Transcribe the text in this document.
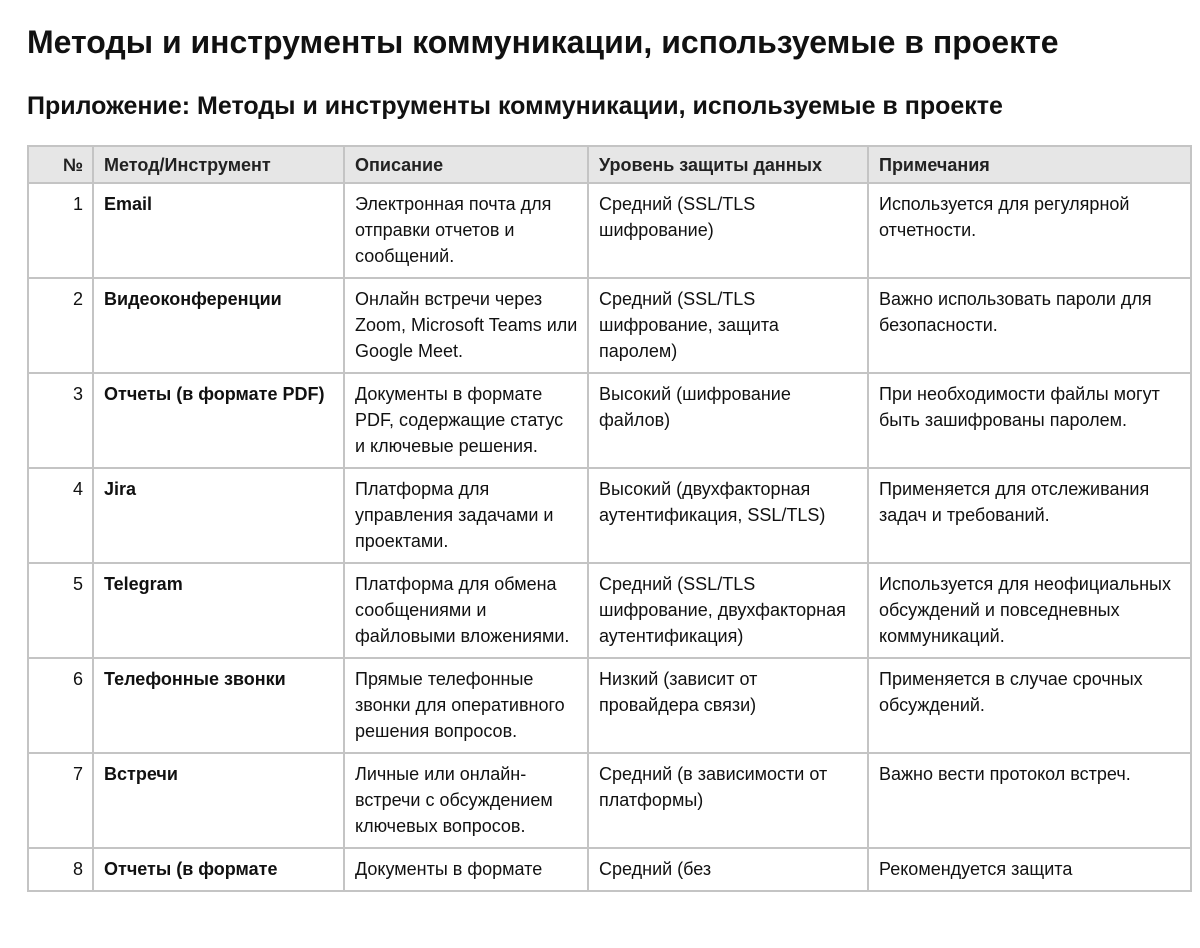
Методы и инструменты коммуникации, используемые в проекте
Приложение: Методы и инструменты коммуникации, используемые в проекте
№	Метод/Инструмент	Описание	Уровень защиты данных	Примечания
1	Email	Электронная почта для отправки отчетов и сообщений.	Средний (SSL/TLS шифрование)	Используется для регулярной отчетности.
2	Видеоконференции	Онлайн встречи через Zoom, Microsoft Teams или Google Meet.	Средний (SSL/TLS шифрование, защита паролем)	Важно использовать пароли для безопасности.
3	Отчеты (в формате PDF)	Документы в формате PDF, содержащие статус и ключевые решения.	Высокий (шифрование файлов)	При необходимости файлы могут быть зашифрованы паролем.
4	Jira	Платформа для управления задачами и проектами.	Высокий (двухфакторная аутентификация, SSL/TLS)	Применяется для отслеживания задач и требований.
5	Telegram	Платформа для обмена сообщениями и файловыми вложениями.	Средний (SSL/TLS шифрование, двухфакторная аутентификация)	Используется для неофициальных обсуждений и повседневных коммуникаций.
6	Телефонные звонки	Прямые телефонные звонки для оперативного решения вопросов.	Низкий (зависит от провайдера связи)	Применяется в случае срочных обсуждений.
7	Встречи	Личные или онлайн-встречи с обсуждением ключевых вопросов.	Средний (в зависимости от платформы)	Важно вести протокол встреч.
8	Отчеты (в формате	Документы в формате	Средний (без	Рекомендуется защита
